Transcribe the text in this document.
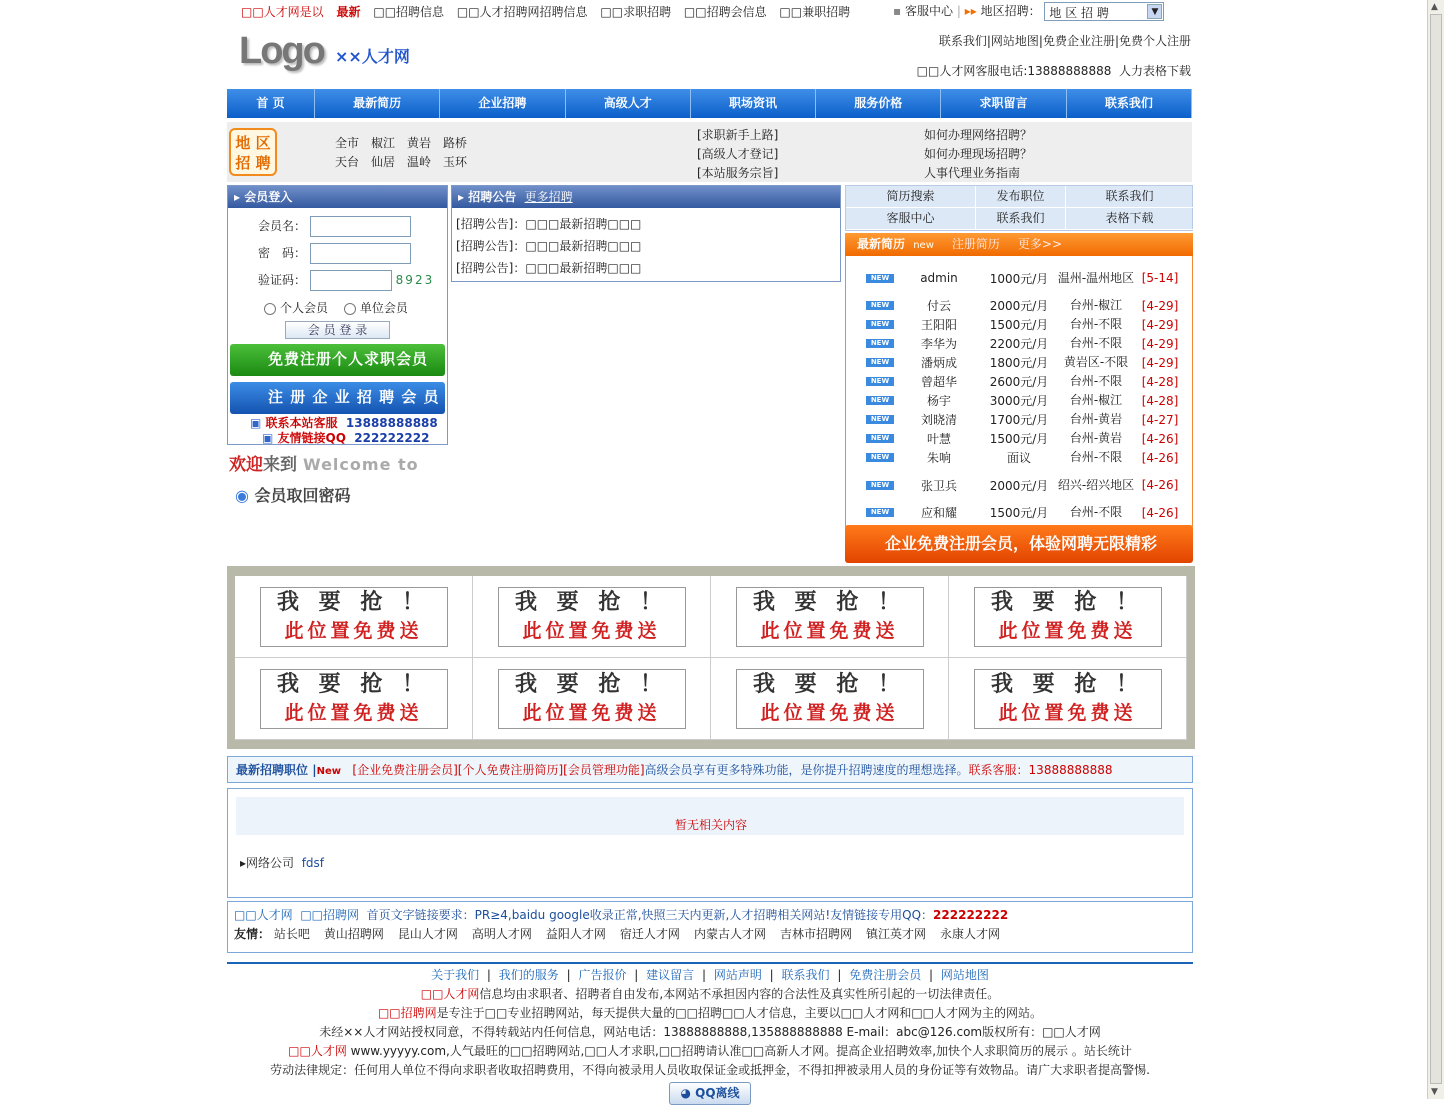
□□人才网是以 最新 □□招聘信息 □□人才招聘网招聘信息 □□求职招聘 □□招聘会信息 □□兼职招聘	▪ 客服中心 | ▸▸ 地区招聘： 地 区 招 聘	▼
Logo ××人才网
联系我们|网站地图|免费企业注册|免费个人注册
□□人才网客服电话:13888888888 人力表格下载
首 页	最新简历	企业招聘	高级人才	职场资讯	服务价格	求职留言	联系我们
地 区
招 聘
全市 椒江 黄岩 路桥
天台 仙居 温岭 玉环
[求职新手上路]
[高级人才登记]
[本站服务宗旨]
如何办理网络招聘？
如何办理现场招聘？
人事代理业务指南
▸ 会员登入
会员名：
密　码：
验证码：	8923
个人会员	单位会员
会 员 登 录
免费注册个人求职会员
注 册 企 业 招 聘 会 员
▣ 联系本站客服 13888888888
▣ 友情链接QQ 222222222
欢迎来到 Welcome to
◉ 会员取回密码
▸ 招聘公告 更多招聘
[招聘公告]：□□□最新招聘□□□
[招聘公告]：□□□最新招聘□□□
[招聘公告]：□□□最新招聘□□□
简历搜索	发布职位	联系我们
客服中心	联系我们	表格下载
最新简历 new 注册简历 更多>>
NEW	admin	1000元/月 温州-温州地区 [5-14]
NEW	付云	2000元/月	台州-椒江	[4-29]
NEW	王阳阳	1500元/月	台州-不限	[4-29]
NEW	李华为	2200元/月	台州-不限	[4-29]
NEW	潘炳成	1800元/月	黄岩区-不限	[4-29]
NEW	曾超华	2600元/月	台州-不限	[4-28]
NEW	杨宇	3000元/月	台州-椒江	[4-28]
NEW	刘晓清	1700元/月	台州-黄岩	[4-27]
NEW	叶慧	1500元/月	台州-黄岩	[4-26]
NEW	朱响	面议	台州-不限	[4-26]
NEW	张卫兵	2000元/月 绍兴-绍兴地区 [4-26]
NEW	应和耀	1500元/月	台州-不限	[4-26]
企业免费注册会员，体验网聘无限精彩
我 要 抢 ！
此位置免费送
我 要 抢 ！
此位置免费送
我 要 抢 ！
此位置免费送
我 要 抢 ！
此位置免费送
我 要 抢 ！
此位置免费送
我 要 抢 ！
此位置免费送
我 要 抢 ！
此位置免费送
我 要 抢 ！
此位置免费送
最新招聘职位 |New [企业免费注册会员][个人免费注册简历][会员管理功能]高级会员享有更多特殊功能，是你提升招聘速度的理想选择。联系客服：13888888888
暂无相关内容
▸网络公司 fdsf
□□人才网 □□招聘网 首页文字链接要求：PR≥4,baidu google收录正常,快照三天内更新,人才招聘相关网站!友情链接专用QQ：222222222
友情： 站长吧 黄山招聘网 昆山人才网 高明人才网 益阳人才网 宿迁人才网 内蒙古人才网 吉林市招聘网 镇江英才网 永康人才网
关于我们 | 我们的服务 | 广告报价 | 建议留言 | 网站声明 | 联系我们 | 免费注册会员 | 网站地图
□□人才网信息均由求职者、招聘者自由发布,本网站不承担因内容的合法性及真实性所引起的一切法律责任。
□□招聘网是专注于□□专业招聘网站，每天提供大量的□□招聘□□人才信息，主要以□□人才网和□□人才网为主的网站。
未经××人才网站授权同意，不得转载站内任何信息，网站电话：13888888888,135888888888 E-mail：abc@126.com版权所有：□□人才网
□□人才网 www.yyyyy.com,人气最旺的□□招聘网站,□□人才求职,□□招聘请认准□□高新人才网。提高企业招聘效率,加快个人求职简历的展示 。站长统计
劳动法律规定：任何用人单位不得向求职者收取招聘费用，不得向被录用人员收取保证金或抵押金，不得扣押被录用人员的身份证等有效物品。请广大求职者提高警惕.
◕ QQ离线
▲
▼
